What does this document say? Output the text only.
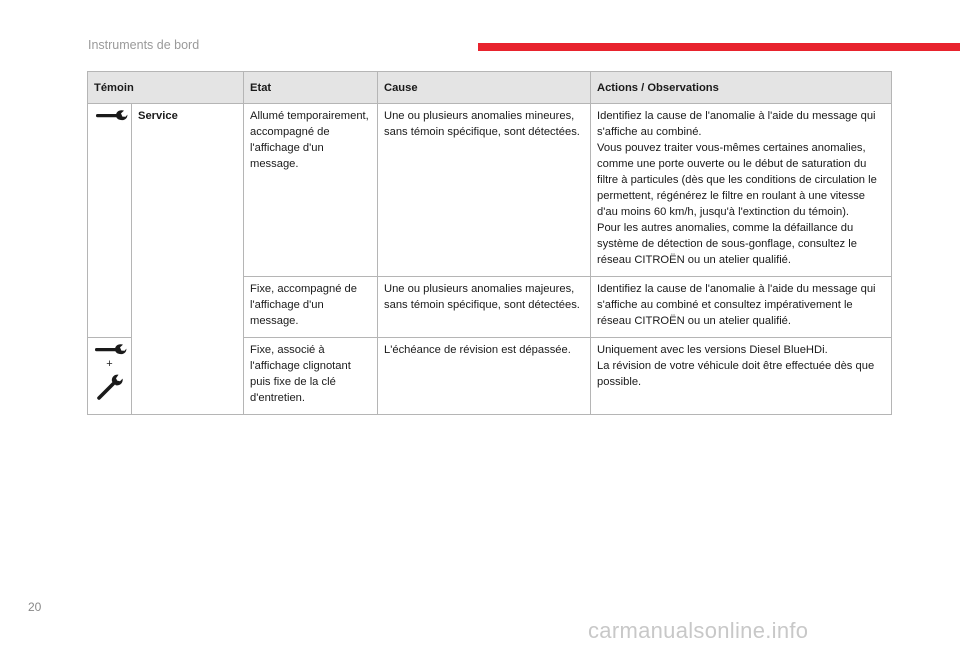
Instruments de bord
Témoin		Etat	Cause	Actions / Observations
	Service	Allumé temporairement, accompagné de l'affichage d'un message.	Une ou plusieurs anomalies mineures, sans témoin spécifique, sont détectées.	Identifiez la cause de l'anomalie à l'aide du message qui s'affiche au combiné.
Vous pouvez traiter vous-mêmes certaines anomalies, comme une porte ouverte ou le début de saturation du filtre à particules (dès que les conditions de circulation le permettent, régénérez le filtre en roulant à une vitesse d'au moins 60 km/h, jusqu'à l'extinction du témoin).
Pour les autres anomalies, comme la défaillance du système de détection de sous-gonflage, consultez le réseau CITROËN ou un atelier qualifié.

		Fixe, accompagné de l'affichage d'un message.	Une ou plusieurs anomalies majeures, sans témoin spécifique, sont détectées.	Identifiez la cause de l'anomalie à l'aide du message qui s'affiche au combiné et consultez impérativement le réseau CITROËN ou un atelier qualifié.

+		Fixe, associé à l'affichage clignotant puis fixe de la clé d'entretien.	L'échéance de révision est dépassée.	Uniquement avec les versions Diesel BlueHDi.
La révision de votre véhicule doit être effectuée dès que possible.
20
carmanualsonline.info
